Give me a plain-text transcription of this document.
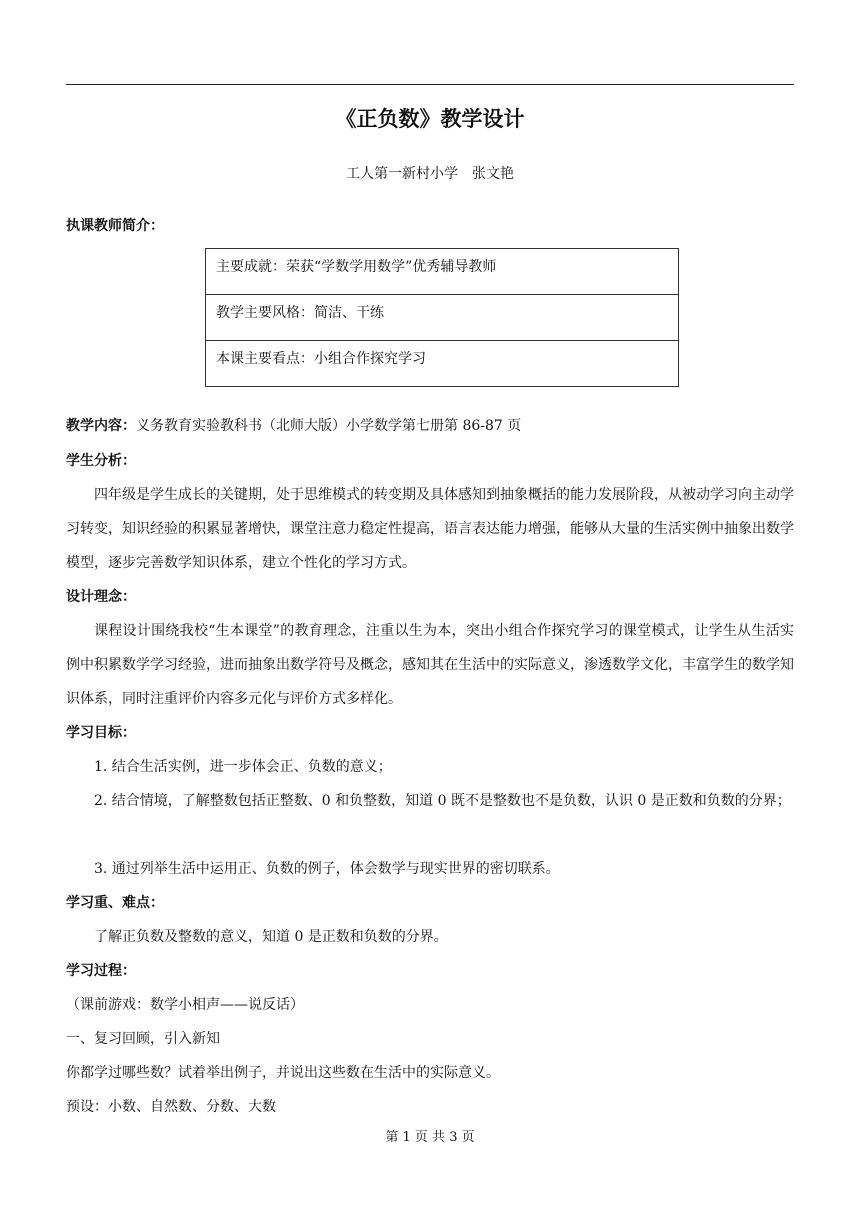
《正负数》教学设计
工人第一新村小学　张文艳
执课教师简介：
主要成就：荣获“学数学用数学”优秀辅导教师
教学主要风格：简洁、干练
本课主要看点：小组合作探究学习
教学内容：义务教育实验教科书（北师大版）小学数学第七册第 86-87 页
学生分析：
四年级是学生成长的关键期，处于思维模式的转变期及具体感知到抽象概括的能力发展阶段，从被动学习向主动学习转变，知识经验的积累显著增快，课堂注意力稳定性提高，语言表达能力增强，能够从大量的生活实例中抽象出数学模型，逐步完善数学知识体系，建立个性化的学习方式。
设计理念：
课程设计围绕我校“生本课堂”的教育理念，注重以生为本，突出小组合作探究学习的课堂模式，让学生从生活实例中积累数学学习经验，进而抽象出数学符号及概念，感知其在生活中的实际意义，渗透数学文化，丰富学生的数学知识体系，同时注重评价内容多元化与评价方式多样化。
学习目标：
1. 结合生活实例，进一步体会正、负数的意义；
2. 结合情境，了解整数包括正整数、0 和负整数，知道 0 既不是整数也不是负数，认识 0 是正数和负数的分界；
3. 通过列举生活中运用正、负数的例子，体会数学与现实世界的密切联系。
学习重、难点：
了解正负数及整数的意义，知道 0 是正数和负数的分界。
学习过程：
（课前游戏：数学小相声——说反话）
一、复习回顾，引入新知
你都学过哪些数？试着举出例子，并说出这些数在生活中的实际意义。
预设：小数、自然数、分数、大数
第 1 页 共 3 页
